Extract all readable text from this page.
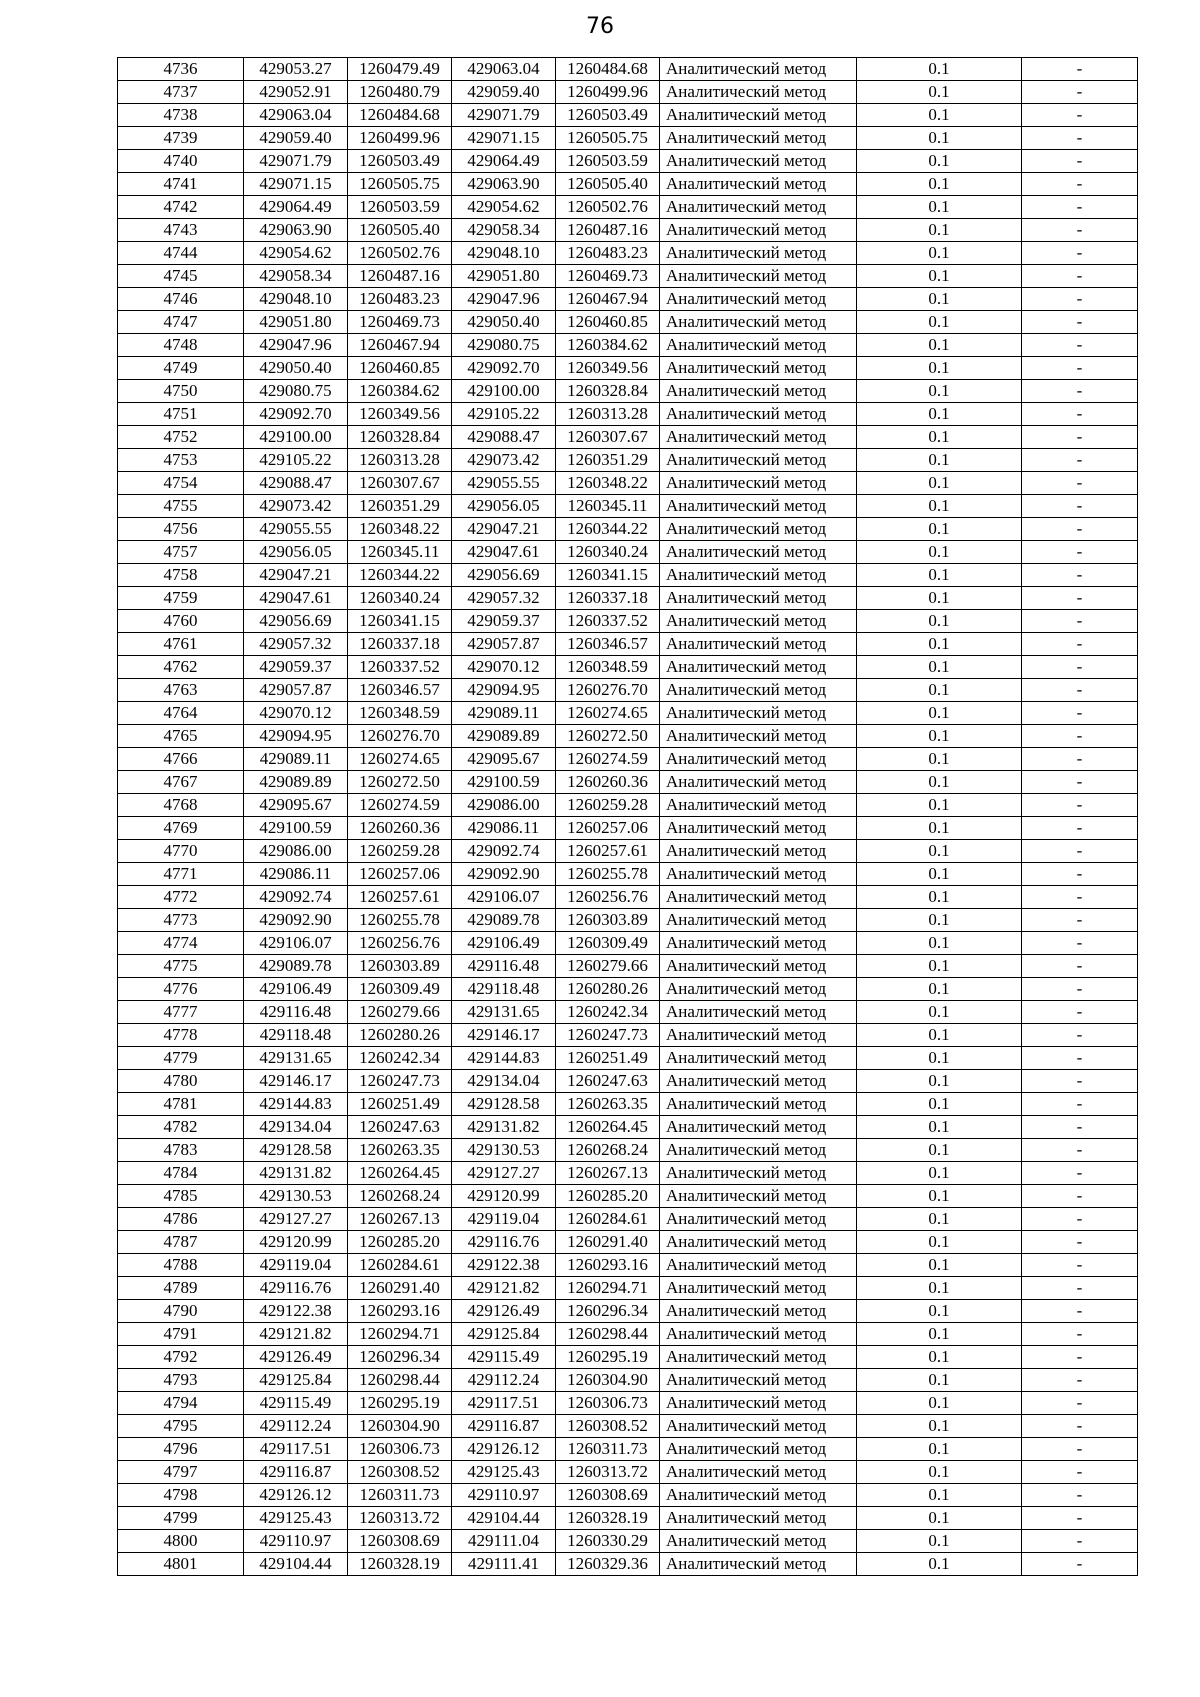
76
4736	429053.27	1260479.49	429063.04	1260484.68	Аналитический метод	0.1	-
4737	429052.91	1260480.79	429059.40	1260499.96	Аналитический метод	0.1	-
4738	429063.04	1260484.68	429071.79	1260503.49	Аналитический метод	0.1	-
4739	429059.40	1260499.96	429071.15	1260505.75	Аналитический метод	0.1	-
4740	429071.79	1260503.49	429064.49	1260503.59	Аналитический метод	0.1	-
4741	429071.15	1260505.75	429063.90	1260505.40	Аналитический метод	0.1	-
4742	429064.49	1260503.59	429054.62	1260502.76	Аналитический метод	0.1	-
4743	429063.90	1260505.40	429058.34	1260487.16	Аналитический метод	0.1	-
4744	429054.62	1260502.76	429048.10	1260483.23	Аналитический метод	0.1	-
4745	429058.34	1260487.16	429051.80	1260469.73	Аналитический метод	0.1	-
4746	429048.10	1260483.23	429047.96	1260467.94	Аналитический метод	0.1	-
4747	429051.80	1260469.73	429050.40	1260460.85	Аналитический метод	0.1	-
4748	429047.96	1260467.94	429080.75	1260384.62	Аналитический метод	0.1	-
4749	429050.40	1260460.85	429092.70	1260349.56	Аналитический метод	0.1	-
4750	429080.75	1260384.62	429100.00	1260328.84	Аналитический метод	0.1	-
4751	429092.70	1260349.56	429105.22	1260313.28	Аналитический метод	0.1	-
4752	429100.00	1260328.84	429088.47	1260307.67	Аналитический метод	0.1	-
4753	429105.22	1260313.28	429073.42	1260351.29	Аналитический метод	0.1	-
4754	429088.47	1260307.67	429055.55	1260348.22	Аналитический метод	0.1	-
4755	429073.42	1260351.29	429056.05	1260345.11	Аналитический метод	0.1	-
4756	429055.55	1260348.22	429047.21	1260344.22	Аналитический метод	0.1	-
4757	429056.05	1260345.11	429047.61	1260340.24	Аналитический метод	0.1	-
4758	429047.21	1260344.22	429056.69	1260341.15	Аналитический метод	0.1	-
4759	429047.61	1260340.24	429057.32	1260337.18	Аналитический метод	0.1	-
4760	429056.69	1260341.15	429059.37	1260337.52	Аналитический метод	0.1	-
4761	429057.32	1260337.18	429057.87	1260346.57	Аналитический метод	0.1	-
4762	429059.37	1260337.52	429070.12	1260348.59	Аналитический метод	0.1	-
4763	429057.87	1260346.57	429094.95	1260276.70	Аналитический метод	0.1	-
4764	429070.12	1260348.59	429089.11	1260274.65	Аналитический метод	0.1	-
4765	429094.95	1260276.70	429089.89	1260272.50	Аналитический метод	0.1	-
4766	429089.11	1260274.65	429095.67	1260274.59	Аналитический метод	0.1	-
4767	429089.89	1260272.50	429100.59	1260260.36	Аналитический метод	0.1	-
4768	429095.67	1260274.59	429086.00	1260259.28	Аналитический метод	0.1	-
4769	429100.59	1260260.36	429086.11	1260257.06	Аналитический метод	0.1	-
4770	429086.00	1260259.28	429092.74	1260257.61	Аналитический метод	0.1	-
4771	429086.11	1260257.06	429092.90	1260255.78	Аналитический метод	0.1	-
4772	429092.74	1260257.61	429106.07	1260256.76	Аналитический метод	0.1	-
4773	429092.90	1260255.78	429089.78	1260303.89	Аналитический метод	0.1	-
4774	429106.07	1260256.76	429106.49	1260309.49	Аналитический метод	0.1	-
4775	429089.78	1260303.89	429116.48	1260279.66	Аналитический метод	0.1	-
4776	429106.49	1260309.49	429118.48	1260280.26	Аналитический метод	0.1	-
4777	429116.48	1260279.66	429131.65	1260242.34	Аналитический метод	0.1	-
4778	429118.48	1260280.26	429146.17	1260247.73	Аналитический метод	0.1	-
4779	429131.65	1260242.34	429144.83	1260251.49	Аналитический метод	0.1	-
4780	429146.17	1260247.73	429134.04	1260247.63	Аналитический метод	0.1	-
4781	429144.83	1260251.49	429128.58	1260263.35	Аналитический метод	0.1	-
4782	429134.04	1260247.63	429131.82	1260264.45	Аналитический метод	0.1	-
4783	429128.58	1260263.35	429130.53	1260268.24	Аналитический метод	0.1	-
4784	429131.82	1260264.45	429127.27	1260267.13	Аналитический метод	0.1	-
4785	429130.53	1260268.24	429120.99	1260285.20	Аналитический метод	0.1	-
4786	429127.27	1260267.13	429119.04	1260284.61	Аналитический метод	0.1	-
4787	429120.99	1260285.20	429116.76	1260291.40	Аналитический метод	0.1	-
4788	429119.04	1260284.61	429122.38	1260293.16	Аналитический метод	0.1	-
4789	429116.76	1260291.40	429121.82	1260294.71	Аналитический метод	0.1	-
4790	429122.38	1260293.16	429126.49	1260296.34	Аналитический метод	0.1	-
4791	429121.82	1260294.71	429125.84	1260298.44	Аналитический метод	0.1	-
4792	429126.49	1260296.34	429115.49	1260295.19	Аналитический метод	0.1	-
4793	429125.84	1260298.44	429112.24	1260304.90	Аналитический метод	0.1	-
4794	429115.49	1260295.19	429117.51	1260306.73	Аналитический метод	0.1	-
4795	429112.24	1260304.90	429116.87	1260308.52	Аналитический метод	0.1	-
4796	429117.51	1260306.73	429126.12	1260311.73	Аналитический метод	0.1	-
4797	429116.87	1260308.52	429125.43	1260313.72	Аналитический метод	0.1	-
4798	429126.12	1260311.73	429110.97	1260308.69	Аналитический метод	0.1	-
4799	429125.43	1260313.72	429104.44	1260328.19	Аналитический метод	0.1	-
4800	429110.97	1260308.69	429111.04	1260330.29	Аналитический метод	0.1	-
4801	429104.44	1260328.19	429111.41	1260329.36	Аналитический метод	0.1	-
